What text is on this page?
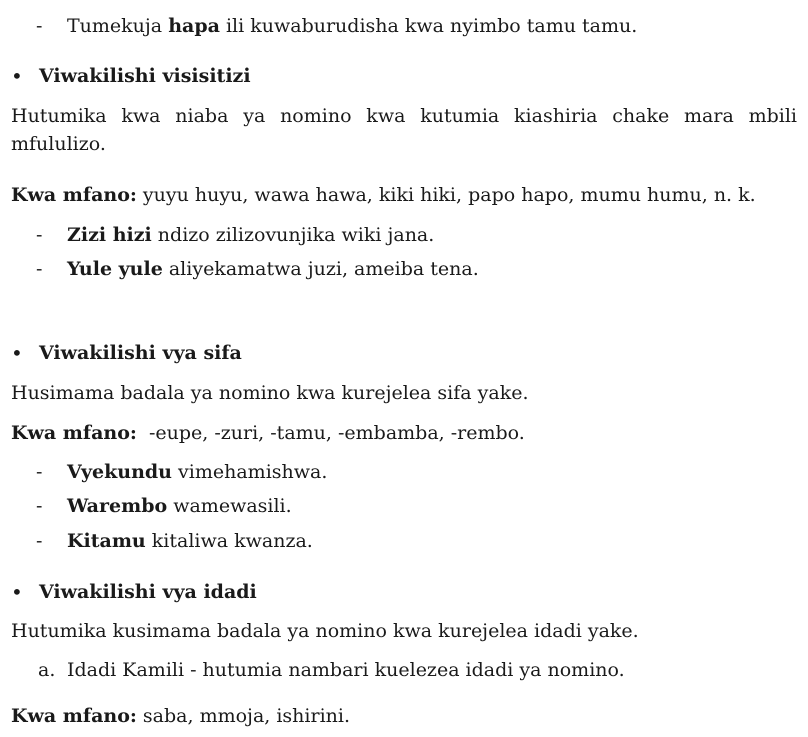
- Tumekuja hapa ili kuwaburudisha kwa nyimbo tamu tamu.
• Viwakilishi visisitizi
Hutumika kwa niaba ya nomino kwa kutumia kiashiria chake mara mbili
mfululizo.
Kwa mfano: yuyu huyu, wawa hawa, kiki hiki, papo hapo, mumu humu, n. k.
- Zizi hizi ndizo zilizovunjika wiki jana.
- Yule yule aliyekamatwa juzi, ameiba tena.
• Viwakilishi vya sifa
Husimama badala ya nomino kwa kurejelea sifa yake.
Kwa mfano:  -eupe, -zuri, -tamu, -embamba, -rembo.
- Vyekundu vimehamishwa.
- Warembo wamewasili.
- Kitamu kitaliwa kwanza.
• Viwakilishi vya idadi
Hutumika kusimama badala ya nomino kwa kurejelea idadi yake.
a. Idadi Kamili - hutumia nambari kuelezea idadi ya nomino.
Kwa mfano: saba, mmoja, ishirini.
